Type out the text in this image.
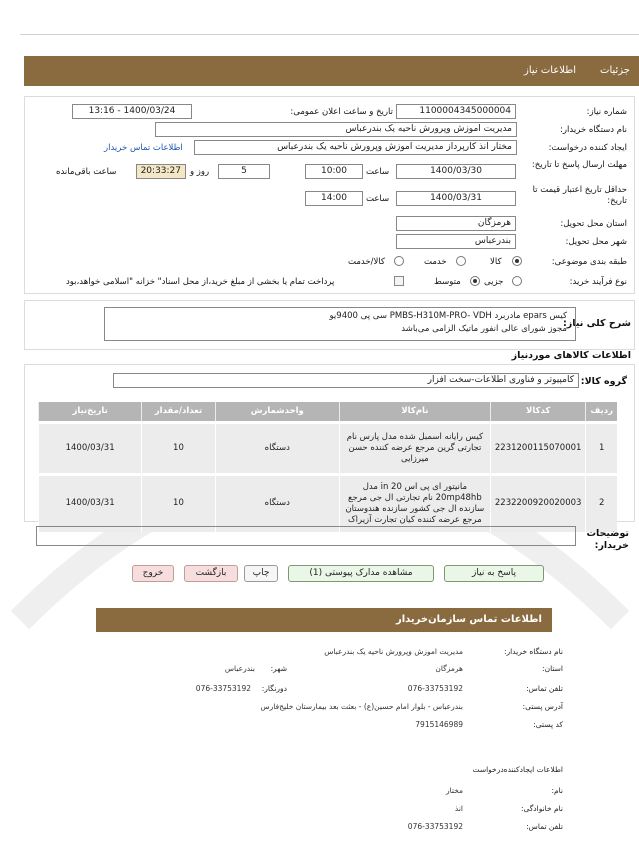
جزئیات
اطلاعات نیاز
شماره نیاز:
1100004345000004
تاریخ و ساعت اعلان عمومی:
1400/03/24 - 13:16
نام دستگاه خریدار:
مدیریت اموزش وپرورش ناحیه یک بندرعباس
ایجاد کننده درخواست:
مختار انذ کارپرداز مدیریت اموزش وپرورش ناحیه یک بندرعباس
اطلاعات تماس خریدار
مهلت ارسال پاسخ تا تاریخ:
1400/03/30
ساعت
10:00
5
روز و
20:33:27
ساعت باقی‌مانده
حداقل تاریخ اعتبار قیمت تا تاریخ:
1400/03/31
ساعت
14:00
استان محل تحویل:
هرمزگان
شهر محل تحویل:
بندرعباس
طبقه بندی موضوعی:
کالا
خدمت
کالا/خدمت
نوع فرآیند خرید:
جزیی
متوسط
پرداخت تمام یا بخشی از مبلغ خرید،از محل اسناد" خزانه "اسلامی خواهد،بود
شرح کلی نیاز:
کیس epars مادربرد PMBS-H310M-PRO- VDH سی پی 9400یو
مجوز شورای عالی انفور ماتیک الزامی می‌باشد
اطلاعات کالاهای مورد‌نیاز
گروه کالا:
کامپیوتر و فناوری اطلاعات-سخت افزار
ردیف	کدکالا	نام‌کالا	واحد‌شمارش	تعداد/مقدار	تاریخ‌نیاز
1	2231200115070001	کیس رایانه اسمبل شده مدل پارس نام تجارتی گرین مرجع عرضه کننده حسن میرزایی	دستگاه	10	1400/03/31
2	2232200920020003	مانیتور ای پی اس 20 in مدل 20mp48hb نام تجارتی ال جی مرجع سازنده ال جی کشور سازنده هندوستان مرجع عرضه کننده کیان تجارت آزیراک	دستگاه	10	1400/03/31
توضیحات خریدار:
پاسخ به نیاز
مشاهده مدارک پیوستی (1)
چاپ
بازگشت
خروج
اطلاعات تماس سازمان‌خریدار
نام دستگاه خریدار:
مدیریت اموزش وپرورش ناحیه یک بندرعباس
استان:
هرمزگان
شهر:
بندرعباس
تلفن تماس:
076-33753192
دورنگار:
076-33753192
آدرس پستی:
بندرعباس - بلوار امام حسین(ع) - بعثت بعد بیمارستان خلیج‌فارس
کد پستی:
7915146989
اطلاعات ایجادکننده‌درخواست
نام:
مختار
نام خانوادگی:
انذ
تلفن تماس:
076-33753192
